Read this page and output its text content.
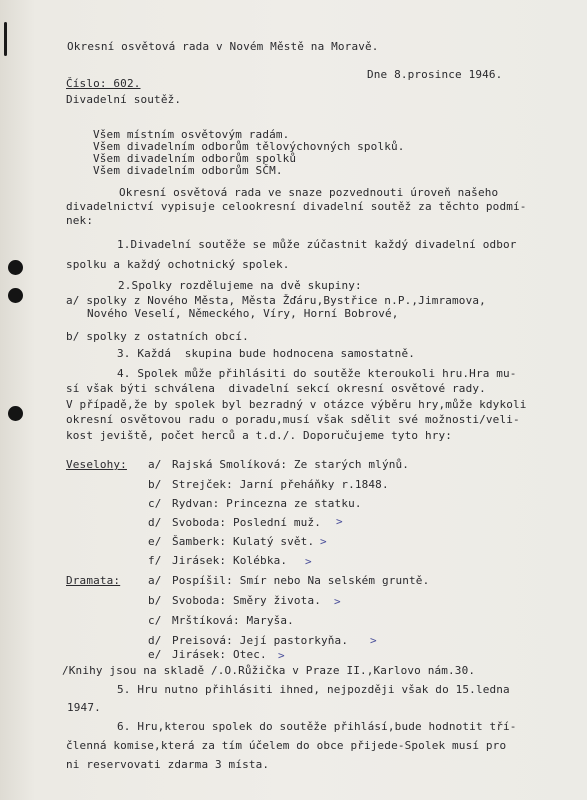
Okresní osvětová rada v Novém Městě na Moravě.
Číslo: 602.
Dne 8.prosince 1946.
Divadelní soutěž.
Všem místním osvětovým radám.
Všem divadelním odborům tělovýchovných spolků.
Všem divadelním odborům spolků
Všem divadelním odborům SČM.
Okresní osvětová rada ve snaze pozvednouti úroveň našeho
divadelnictví vypisuje celookresní divadelní soutěž za těchto podmí-
nek:
1.Divadelní soutěže se může zúčastnit každý divadelní odbor
spolku a každý ochotnický spolek.
2.Spolky rozdělujeme na dvě skupiny:
a/ spolky z Nového Města, Města Žďáru,Bystřice n.P.,Jimramova,
Nového Veselí, Německého, Víry, Horní Bobrové,
b/ spolky z ostatních obcí.
3. Každá  skupina bude hodnocena samostatně.
4. Spolek může přihlásiti do soutěže kteroukoli hru.Hra mu-
sí však býti schválena  divadelní sekcí okresní osvětové rady.
V případě,že by spolek byl bezradný v otázce výběru hry,může kdykoli
okresní osvětovou radu o poradu,musí však sdělit své možnosti/veli-
kost jeviště, počet herců a t.d./. Doporučujeme tyto hry:
Veselohy: a/ Rajská Smolíková: Ze starých mlýnů.
b/ Strejček: Jarní přeháňky r.1848.
c/ Rydvan: Princezna ze statku.
d/ Svoboda: Poslední muž. >
e/ Šamberk: Kulatý svět. >
f/ Jirásek: Kolébka. >
Dramata:	a/ Pospíšil: Smír nebo Na selském gruntě.
b/ Svoboda: Směry života. >
c/ Mrštíková: Maryša.
d/ Preisová: Její pastorkyňa. >
e/ Jirásek: Otec. >
/Knihy jsou na skladě /.O.Růžička v Praze II.,Karlovo nám.30.
5. Hru nutno přihlásiti ihned, nejpozději však do 15.ledna
1947.
6. Hru,kterou spolek do soutěže přihlásí,bude hodnotit tří-
členná komise,která za tím účelem do obce přijede-Spolek musí pro
ni reservovati zdarma 3 místa.
